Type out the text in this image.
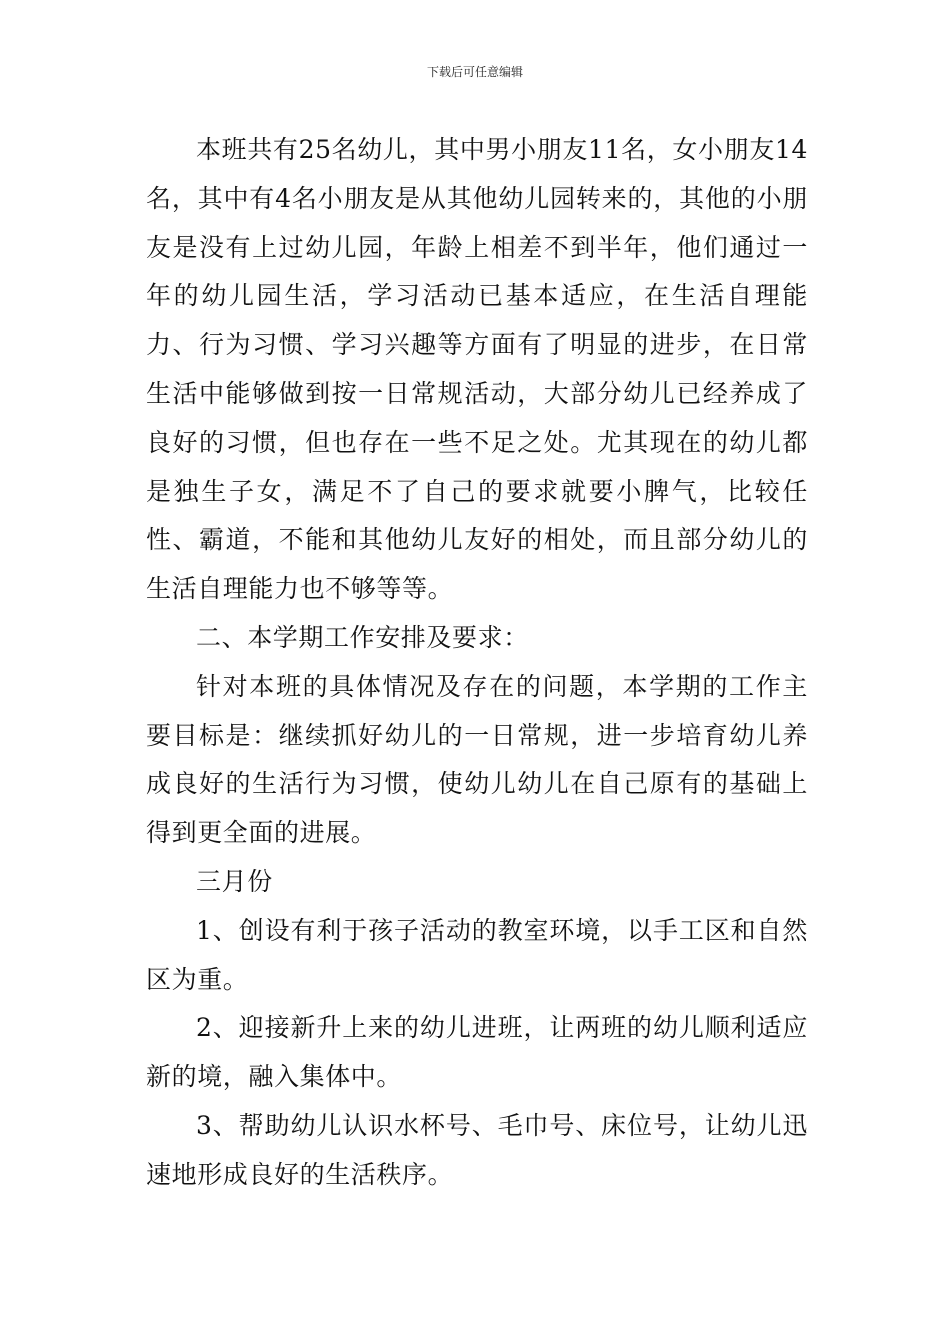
下载后可任意编辑

本班共有25名幼儿，其中男小朋友11名，女小朋友14名，其中有4名小朋友是从其他幼儿园转来的，其他的小朋友是没有上过幼儿园，年龄上相差不到半年，他们通过一年的幼儿园生活，学习活动已基本适应，在生活自理能力、行为习惯、学习兴趣等方面有了明显的进步，在日常生活中能够做到按一日常规活动，大部分幼儿已经养成了良好的习惯，但也存在一些不足之处。尤其现在的幼儿都是独生子女，满足不了自己的要求就要小脾气，比较任性、霸道，不能和其他幼儿友好的相处，而且部分幼儿的生活自理能力也不够等等。

二、本学期工作安排及要求：

针对本班的具体情况及存在的问题，本学期的工作主要目标是：继续抓好幼儿的一日常规，进一步培育幼儿养成良好的生活行为习惯，使幼儿幼儿在自己原有的基础上得到更全面的进展。

三月份

1、创设有利于孩子活动的教室环境，以手工区和自然区为重。

2、迎接新升上来的幼儿进班，让两班的幼儿顺利适应新的境，融入集体中。

3、帮助幼儿认识水杯号、毛巾号、床位号，让幼儿迅速地形成良好的生活秩序。
